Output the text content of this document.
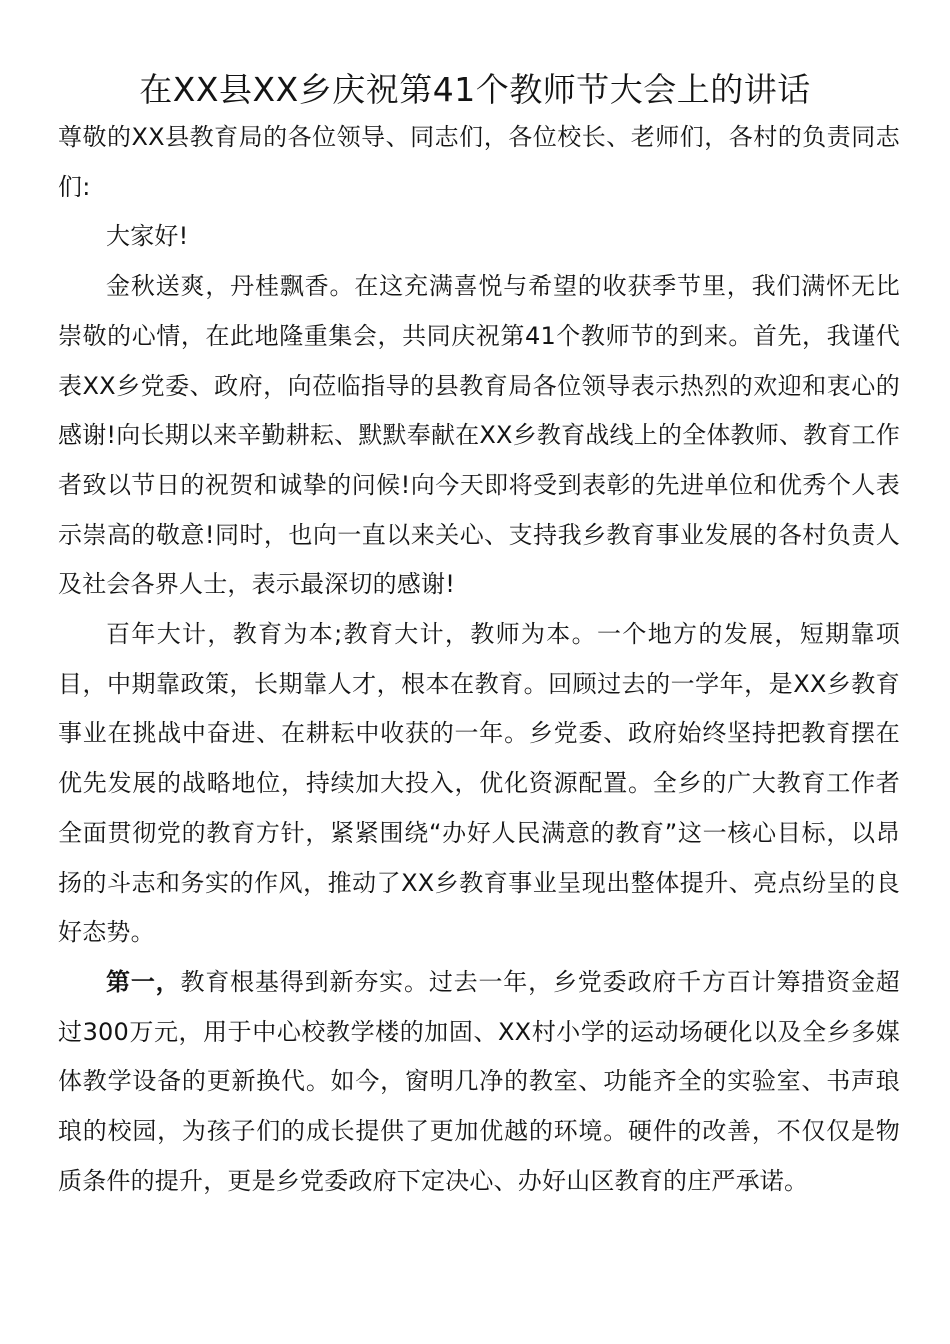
在XX县XX乡庆祝第41个教师节大会上的讲话

尊敬的XX县教育局的各位领导、同志们，各位校长、老师们，各村的负责同志们:

大家好!

金秋送爽，丹桂飘香。在这充满喜悦与希望的收获季节里，我们满怀无比崇敬的心情，在此地隆重集会，共同庆祝第41个教师节的到来。首先，我谨代表XX乡党委、政府，向莅临指导的县教育局各位领导表示热烈的欢迎和衷心的感谢!向长期以来辛勤耕耘、默默奉献在XX乡教育战线上的全体教师、教育工作者致以节日的祝贺和诚挚的问候!向今天即将受到表彰的先进单位和优秀个人表示崇高的敬意!同时，也向一直以来关心、支持我乡教育事业发展的各村负责人及社会各界人士，表示最深切的感谢!

百年大计，教育为本;教育大计，教师为本。一个地方的发展，短期靠项目，中期靠政策，长期靠人才，根本在教育。回顾过去的一学年，是XX乡教育事业在挑战中奋进、在耕耘中收获的一年。乡党委、政府始终坚持把教育摆在优先发展的战略地位，持续加大投入，优化资源配置。全乡的广大教育工作者全面贯彻党的教育方针，紧紧围绕“办好人民满意的教育”这一核心目标，以昂扬的斗志和务实的作风，推动了XX乡教育事业呈现出整体提升、亮点纷呈的良好态势。

第一，教育根基得到新夯实。过去一年，乡党委政府千方百计筹措资金超过300万元，用于中心校教学楼的加固、XX村小学的运动场硬化以及全乡多媒体教学设备的更新换代。如今，窗明几净的教室、功能齐全的实验室、书声琅琅的校园，为孩子们的成长提供了更加优越的环境。硬件的改善，不仅仅是物质条件的提升，更是乡党委政府下定决心、办好山区教育的庄严承诺。
